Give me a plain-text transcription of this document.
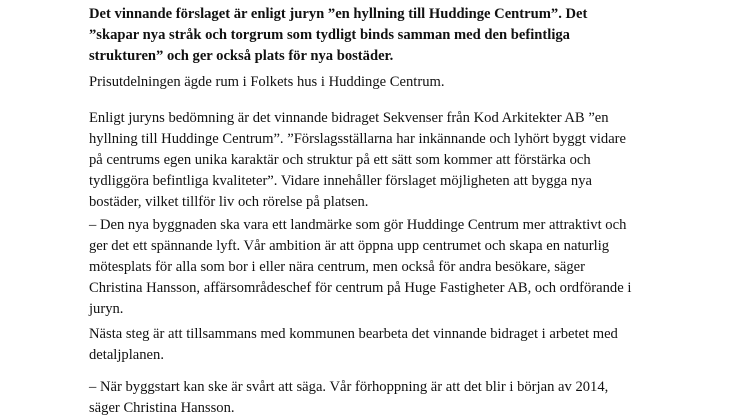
Det vinnande förslaget är enligt juryn ”en hyllning till Huddinge Centrum”. Det
”skapar nya stråk och torgrum som tydligt binds samman med den befintliga
strukturen” och ger också plats för nya bostäder.

Prisutdelningen ägde rum i Folkets hus i Huddinge Centrum.

Enligt juryns bedömning är det vinnande bidraget Sekvenser från Kod Arkitekter AB ”en
hyllning till Huddinge Centrum”. ”Förslagsställarna har inkännande och lyhört byggt vidare
på centrums egen unika karaktär och struktur på ett sätt som kommer att förstärka och
tydliggöra befintliga kvaliteter”. Vidare innehåller förslaget möjligheten att bygga nya
bostäder, vilket tillför liv och rörelse på platsen.

– Den nya byggnaden ska vara ett landmärke som gör Huddinge Centrum mer attraktivt och
ger det ett spännande lyft. Vår ambition är att öppna upp centrumet och skapa en naturlig
mötesplats för alla som bor i eller nära centrum, men också för andra besökare, säger
Christina Hansson, affärsområdeschef för centrum på Huge Fastigheter AB, och ordförande i
juryn.

Nästa steg är att tillsammans med kommunen bearbeta det vinnande bidraget i arbetet med
detaljplanen.

– När byggstart kan ske är svårt att säga. Vår förhoppning är att det blir i början av 2014,
säger Christina Hansson.
